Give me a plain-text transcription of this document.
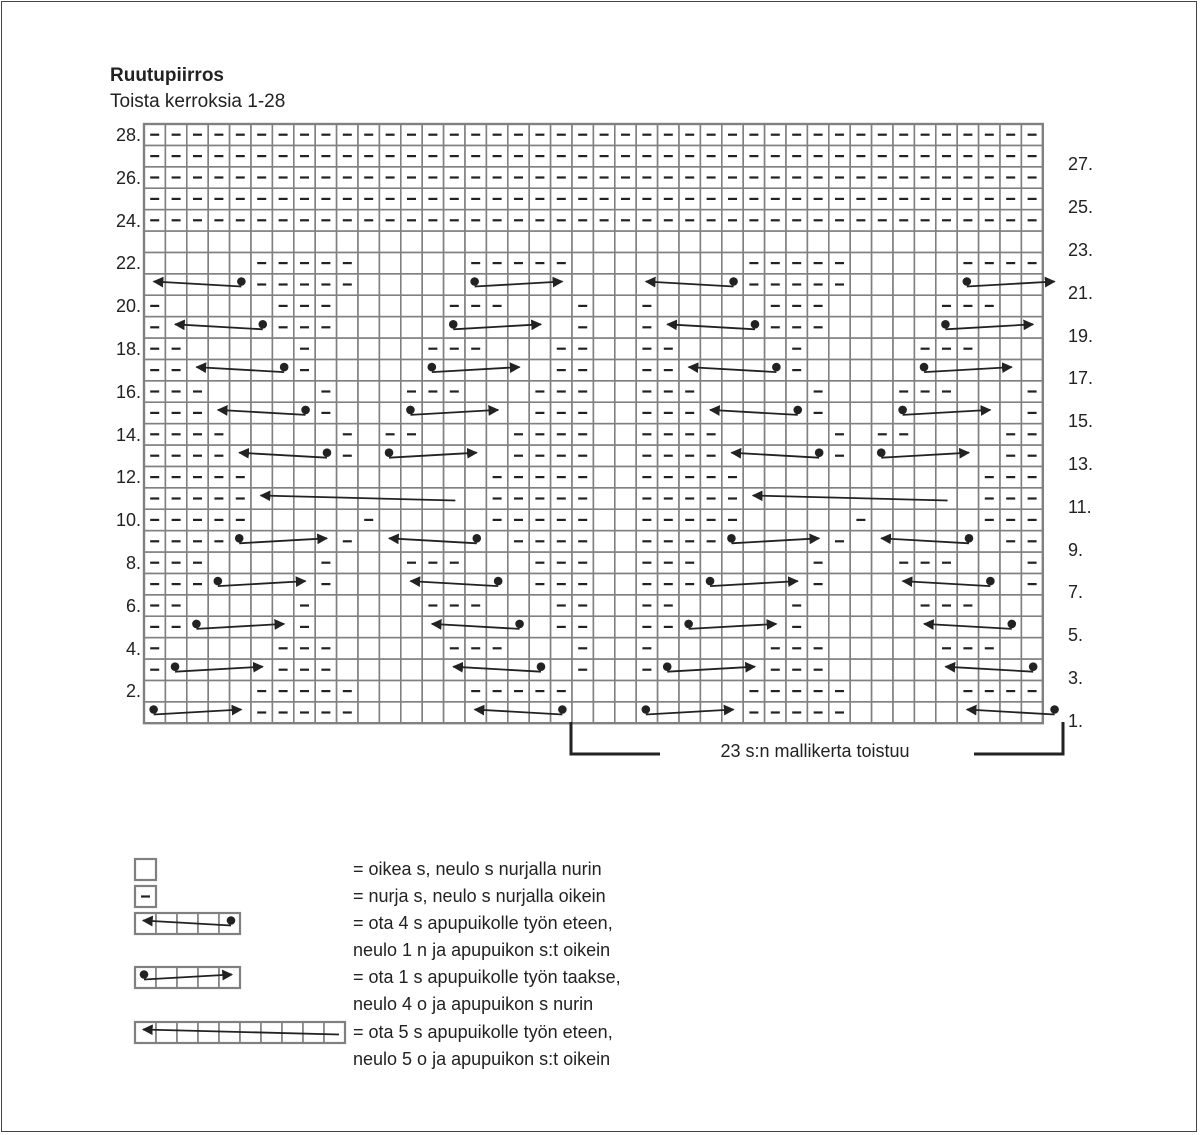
Ruutupiirros
Toista kerroksia 1-28
28.
26.
24.
22.
20.
18.
16.
14.
12.
10.
8.
6.
4.
2.
27.
25.
23.
21.
19.
17.
15.
13.
11.
9.
7.
5.
3.
1.
23 s:n mallikerta toistuu
= oikea s, neulo s nurjalla nurin
= nurja s, neulo s nurjalla oikein
= ota 4 s apupuikolle työn eteen,
neulo 1 n ja apupuikon s:t oikein
= ota 1 s apupuikolle työn taakse,
neulo 4 o ja apupuikon s nurin
= ota 5 s apupuikolle työn eteen,
neulo 5 o ja apupuikon s:t oikein
